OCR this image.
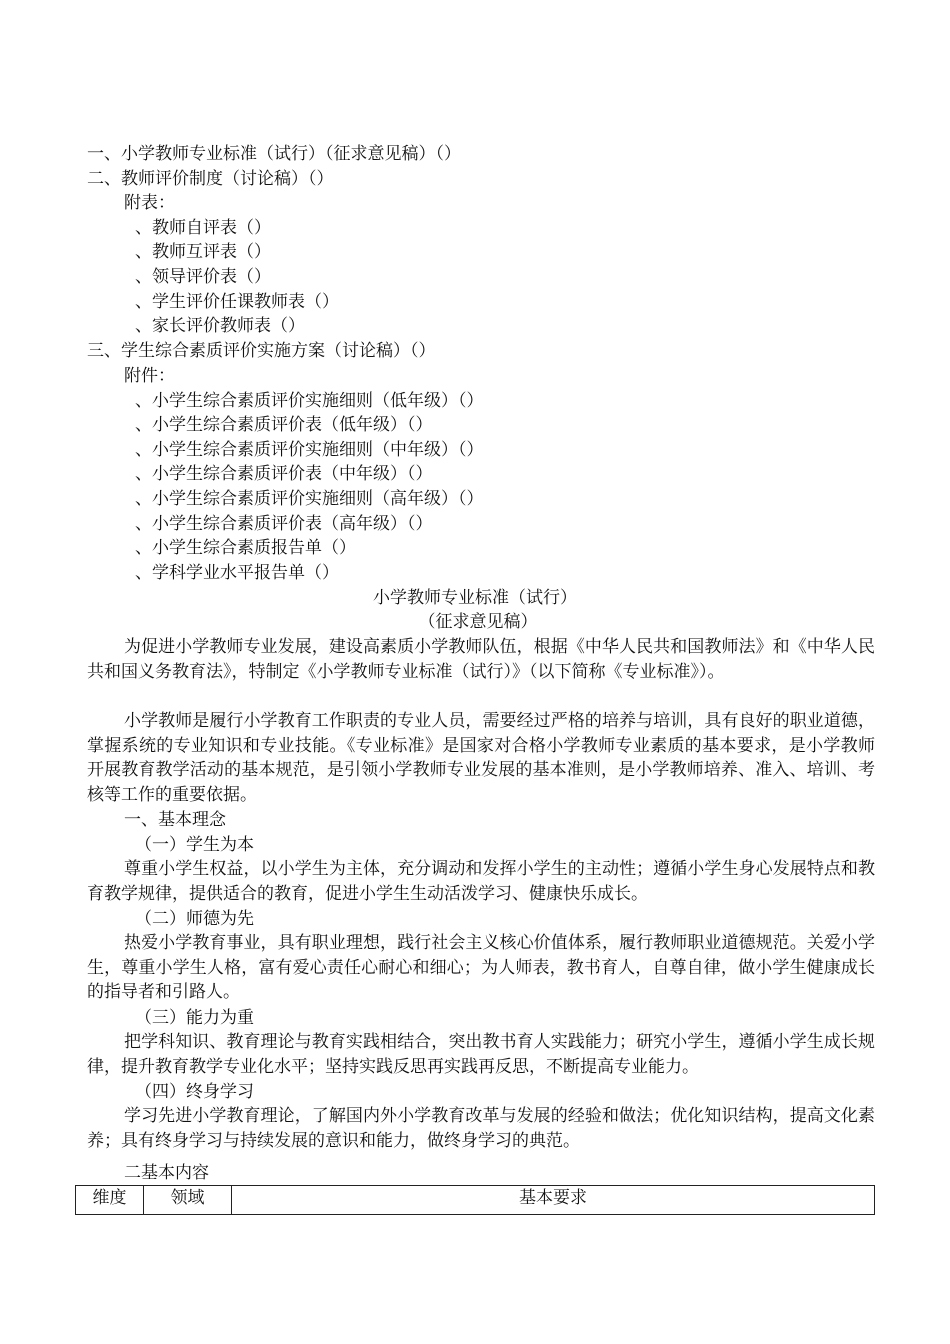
一、小学教师专业标准（试行）（征求意见稿）（）
二、教师评价制度（讨论稿）（）
附表：
、教师自评表（）
、教师互评表（）
、领导评价表（）
、学生评价任课教师表（）
、家长评价教师表（）
三、学生综合素质评价实施方案（讨论稿）（）
附件：
、小学生综合素质评价实施细则（低年级）（）
、小学生综合素质评价表（低年级）（）
、小学生综合素质评价实施细则（中年级）（）
、小学生综合素质评价表（中年级）（）
、小学生综合素质评价实施细则（高年级）（）
、小学生综合素质评价表（高年级）（）
、小学生综合素质报告单（）
、学科学业水平报告单（）
小学教师专业标准（试行）
（征求意见稿）
为促进小学教师专业发展，建设高素质小学教师队伍，根据《中华人民共和国教师法》和《中华人民共和国义务教育法》，特制定《小学教师专业标准（试行）》（以下简称《专业标准》）。
小学教师是履行小学教育工作职责的专业人员，需要经过严格的培养与培训，具有良好的职业道德，掌握系统的专业知识和专业技能。《专业标准》是国家对合格小学教师专业素质的基本要求，是小学教师开展教育教学活动的基本规范，是引领小学教师专业发展的基本准则，是小学教师培养、准入、培训、考核等工作的重要依据。
一、基本理念
（一）学生为本
尊重小学生权益，以小学生为主体，充分调动和发挥小学生的主动性；遵循小学生身心发展特点和教育教学规律，提供适合的教育，促进小学生生动活泼学习、健康快乐成长。
（二）师德为先
热爱小学教育事业，具有职业理想，践行社会主义核心价值体系，履行教师职业道德规范。关爱小学生，尊重小学生人格，富有爱心责任心耐心和细心；为人师表，教书育人，自尊自律，做小学生健康成长的指导者和引路人。
（三）能力为重
把学科知识、教育理论与教育实践相结合，突出教书育人实践能力；研究小学生，遵循小学生成长规律，提升教育教学专业化水平；坚持实践反思再实践再反思，不断提高专业能力。
（四）终身学习
学习先进小学教育理论，了解国内外小学教育改革与发展的经验和做法；优化知识结构，提高文化素养；具有终身学习与持续发展的意识和能力，做终身学习的典范。
二基本内容
维度	领域	基本要求
